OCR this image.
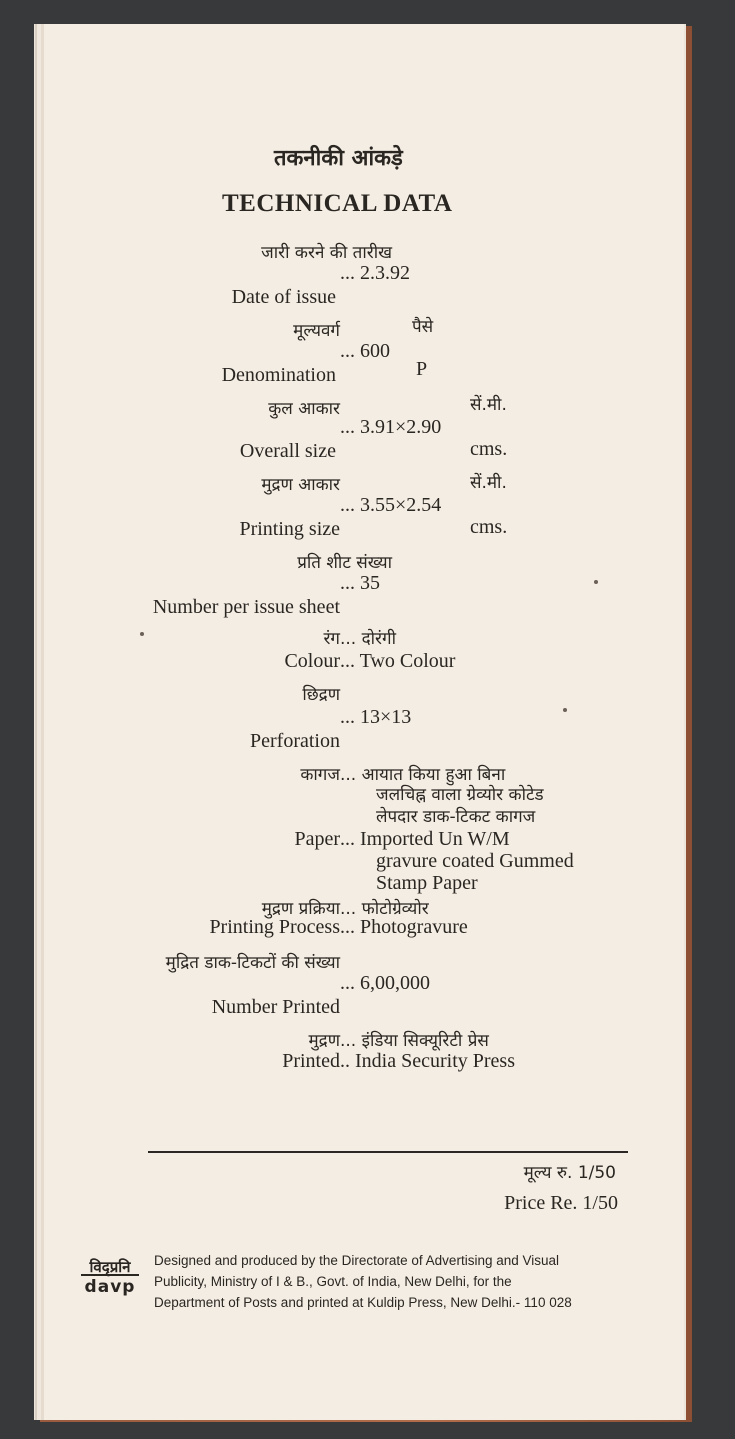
तकनीकी आंकड़े
TECHNICAL DATA
जारी करने की तारीख
... 2.3.92
Date of issue
मूल्यवर्ग	पैसे
... 600
Denomination	P
कुल आकार	सें.मी.
... 3.91×2.90
Overall size	cms.
मुद्रण आकार	सें.मी.
... 3.55×2.54
Printing size	cms.
प्रति शीट संख्या
... 35
Number per issue sheet
रंग ... दोरंगी
Colour ... Two Colour
छिद्रण
... 13×13
Perforation
कागज ... आयात किया हुआ बिना
जलचिह्न वाला ग्रेव्योर कोटेड
लेपदार डाक-टिकट कागज
Paper ... Imported Un W/M
gravure coated Gummed
Stamp Paper
मुद्रण प्रक्रिया ... फोटोग्रेव्योर
Printing Process ... Photogravure
मुद्रित डाक-टिकटों की संख्या
... 6,00,000
Number Printed
मुद्रण ... इंडिया सिक्यूरिटी प्रेस
Printed .. India Security Press
मूल्य रु. 1/50
Price Re. 1/50
विदृप्रनि
davp
Designed and produced by the Directorate of Advertising and Visual
Publicity, Ministry of I & B., Govt. of India, New Delhi, for the
Department of Posts and printed at Kuldip Press, New Delhi.- 110 028
